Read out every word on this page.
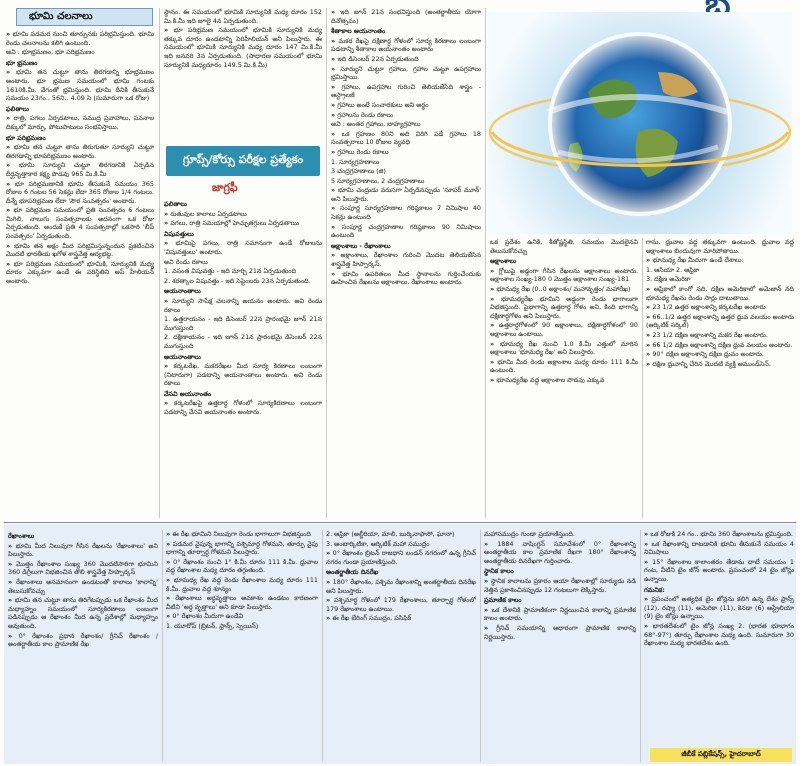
భూమి చలనాలు

» భూమి పడమర నుంచి తూర్పునకు పరిభ్రమిస్తుంది. భూమి రెండు చలనాలను కలిగి ఉంటుంది.

అవి : భూభ్రమణం, భూ పరిభ్రమణం

భూ భ్రమణం

» భూమి తన చుట్టూ తాను తిరగడాన్ని భూభ్రమణం అంటారు. భూ భ్రమణ సమయంలో భూమి గంటకు 1610కి.మీ. వేగంతో భ్రమిస్తుంది. భూమి దీనికి తీసుకునే సమయం 23గం.. 56ని.. 4.09 సె (సుమారుగా ఒక రోజు)

ఫలితాలు

» రాత్రి, పగలు ఏర్పడటాలు, సముద్ర ప్రవాహాలు, పవనాల దిక్కులో మార్పు, పోటుపాటులు సంభవిస్తాయి.

భూ పరిభ్రమణం

» భూమి తన చుట్టూ తాను తిరుగుతూ సూర్యుని చుట్టూ తిరగడాన్ని భూపరిభ్రమణం అంటారు.

» భూమి సూర్యుని చుట్టూ తిరగడానికి ఏర్పడిన దీర్ఘవృత్తాకార కక్ష్య పొడవు 965 మి.కి.మీ

» భూ పరిభ్రమణానికి భూమి తీసుకునే సమయం 365 రోజుల 6 గంటల 56 సెకన్లు లేదా 365 రోజుల 1/4 గంటలు. దీన్నే భూపరిభ్రమణ లేదా 'సౌర సంవత్సరం' అంటారు.

» భూ పరిభ్రమణ సమయంలో ప్రతి సంవత్సరం 6 గంటలు మిగిలి, నాలుగు సంవత్సరాలకు అదనంగా ఒక రోజు ఏర్పడుతుంది. అందుకే ప్రతి 4 సంవత్సరాల్లో ఒకసారి 'లీప్ సంవత్సరం' ఏర్పడుతుంది.

» భూమి తన అక్షం మీద పరిభ్రమిస్తున్నందున ప్రకటించిన మొదటి భారతీయ ఖగోళ శాస్త్రవేత్త ఆర్యభట్ట.

» భూ పరిభ్రమణ సమయంలో భూమికి, సూర్యునికి మధ్య దూరం ఎక్కువగా ఉండే ఈ పరిస్థితిని అప్ హీలియన్ అంటారు.

స్థానం. ఈ సమయంలో భూమికి సూర్యునికి మధ్య దూరం 152 మి.కి.మీ ఇది జూలై 4న ఏర్పడుతుంది.

» భూ పరిభ్రమణ సమయంలో భూమికి సూర్యునికి మధ్య తక్కువ దూరం ఉండటాన్ని పెరిహీలియన్ అని పిలుస్తారు. ఈ సమయంలో భూమికి సూర్యునికి మధ్య దూరం 147 మి.కి.మీ ఇది జనవరి 3న ఏర్పడుతుంది. (సాధారణ సమయంలో భూమి సూర్యునికి మధ్యదూరం 149.5 మి.కి.మీ)

ఫలితాలు

» రుతువుల కాలాలు ఏర్పడటాలు

» పగలు, రాత్రి సమయాల్లో హెచ్చుతగ్గులు ఏర్పడతాయి

విషువత్తులు

» భూమిపై పగలు, రాత్రి సమానంగా ఉండే రోజులను 'విషువత్తులు' అంటారు.

అవి రెండు రకాలు

1. వసంత విషువత్తు - ఇది మార్చి 21న ఏర్పడుతుంది

2. శరత్కాల విషువత్తు - ఇది సెప్టెంబరు 23న ఏర్పడుతుంది.

అయనాంతాలు

» సూర్యుని సాపేక్ష చలనాన్ని అయనం అంటారు. అవి రెండు రకాలు

1. ఉత్తరాయనం - ఇది డిసెంబర్ 22న ప్రారంభమై జూన్ 21న ముగుస్తుంది

2. దక్షిణాయనం - ఇది జూన్ 21న ప్రారంభమై డిసెంబర్ 22న ముగుస్తుంది

అయనాంతాలు

» కర్కటరేఖ, మకరరేఖల మీద సూర్య కిరణాలు లంబంగా (నిటారుగా) పడటాన్ని అయనాంతాలు అంటారు. అవి రెండు రకాలు

వేసవి అయనాంతం

» కర్కటరేఖపై ఉత్తరార్ధ గోళంలో సూర్యకిరణాలు లంబంగా పడటాన్ని వేసవి అయనాంతం అంటారు.

గ్రూప్స్/కోర్సు పరీక్షల ప్రత్యేకం
జాగ్రఫీ

» ఇది జూన్ 21న సంభవిస్తుంది (అంతర్జాతీయ యోగా దినోత్సవం)

శీతాకాల అయనాంతం

» మకర రేఖపై దక్షిణార్ధ గోళంలో సూర్య కిరణాలు లంబంగా పడటాన్ని శీతాకాల అయనాంతం అంటారు

» ఇది డిసెంబర్ 22న ఏర్పడుతుంది

» సూర్యుని చుట్టూ గ్రహాలు, గ్రహాల చుట్టూ ఉపగ్రహాలు భ్రమిస్తాయి.

» గ్రహాలు, ఉపగ్రహాల గురించి తెలియజేసేది శాస్త్రం - ఆస్ట్రాలజీ

» గ్రహాలు అంటే సంచారకులు అని అర్థం

» గ్రహాలను రెండు రకాలు

అవి : అంతర గ్రహాలు, బాహ్యగ్రహాలు

» ఒక గ్రహణం 80ని అది విరిగి పడే గ్రహాలు 18 సంవత్సరాలు 10 రోజుల వ్యవధి

» గ్రహాలు రెండు రకాలు

1. సూర్యగ్రహణాలు

3 చంద్రగ్రహణాలు (జి)

5 సూర్యగ్రహణాలు, 2 చంద్రగ్రహణాలు

» భూమి చంద్రుడు వరుసగా ఏర్పడినప్పుడు 'సూపర్ మూన్' అని పిలుస్తారు.

» సంపూర్ణ సూర్యగ్రహణాల గరిష్ఠకాలం 7 నిమిషాల 40 సెకన్లు ఉంటుంది

» సంపూర్ణ చంద్రగ్రహణాల గరిష్ఠకాలం 90 నిమిషాలు ఉంటుంది

అక్షాంశాలు - రేఖాంశాలు

» అక్షాంశాలు, రేఖాంశాల గురించి మొదట తెలియజేసిన శాస్త్రవేత్త హిప్పార్కస్.

» భూమి ఉపరితలం మీద స్థానాలను గుర్తించేందుకు ఊహించిన రేఖలను అక్షాంశాలు, రేఖాంశాలు అంటారు.

ఒక ప్రదేశం ఉనికి, శీతోష్ణస్థితి, సమయం మొదలైనవి తెలుసుకోవచ్చు

అక్షాంశాలు

» గ్లోబుపై అడ్డంగా గీసిన రేఖలను అక్షాంశాలు అంటారు. అక్షాంశాల సంఖ్య-180 0 మొత్తం అక్షాంశాల సంఖ్య-181

» భూమధ్య రేఖ (0..0 అక్షాంశం/ మహావృత్తం/ మహారేఖ)

» భూమధ్యరేఖ భూమిని అడ్డంగా రెండు భాగాలుగా విభజిస్తుంది. పైభాగాన్ని ఉత్తరార్ధ గోళం అని, కింది భాగాన్ని దక్షిణార్ధగోళం అని పిలుస్తారు.

» ఉత్తరార్ధగోళంలో 90 అక్షాంశాలు, దక్షిణార్ధగోళంలో 90 అక్షాంశాలు ఉంటాయి.

» భూమధ్య రేఖ నుంచి 1.0 కి.మీ ఎత్తులో మారిన అక్షాంశాలు 'భూమధ్య రేఖ' అని పిలుస్తారు.

» భూమి మీద రెండు అక్షాంశాల మధ్య దూరం 111 కి.మీ ఉంటుంది.

» భూమధ్యరేఖ వద్ద అక్షాంశాల పొడవు ఎక్కువ

గాను, ధ్రువాల వద్ద తక్కువగా ఉంటుంది. ధ్రువాల వద్ద అక్షాంశాలు బిందువుగా మారిపోతాయి.

» భూమధ్య రేఖ మీదుగా ఉండే దేశాలు:

1. ఆసియా 2. ఆఫ్రికా

3. దక్షిణ అమెరికా

» ఆఫ్రికాలో కాంగో నది, దక్షిణ అమెరికాలో అమెజాన్ నది భూమధ్య రేఖను రెండు సార్లు దాటుతాయి.

» 23 1/2 ఉత్తర అక్షాంశాన్ని కర్కటరేఖ అంటారు

» 66..1/2 ఉత్తర అక్షాంశాన్ని ఉత్తర ధ్రువ వలయం అంటారు (ఆర్కిటిక్ సర్కిల్)

» 23 1/2 దక్షిణ అక్షాంశాన్ని మకర రేఖ అంటారు.

» 66 1/2 దక్షిణ అక్షాంశాన్ని దక్షిణ ధ్రువ వలయం అంటారు.

» 90° దక్షిణ అక్షాంశాన్ని దక్షిణ ధ్రువం అంటారు.

» దక్షిణ ధ్రువాన్ని చేరిన మొదటి వ్యక్తి అముండ్‌సెన్.

రేఖాంశాలు

» భూమి మీద నిలువుగా గీసిన రేఖలను 'రేఖాంశాలు' అని పిలుస్తారు.

» మొత్తం రేఖాంశాల సంఖ్య 360 మొదటిసారిగా భూమిని 360 డిగ్రీలుగా విభజించిన తొలి శాస్త్రవేత్త హిప్పార్కస్

» రేఖాంశాలు అసమానంగా ఉండటంతో కాలాలు 'కాలాన్ని' తెలుసుకోవచ్చు

» భూమి తన చుట్టూ తాను తిరిగేటప్పుడు ఒక రేఖాంశం మీద మధ్యాహ్నం సమయంలో సూర్యకిరణాలు లంబంగా పడినప్పుడు ఆ రేఖాంశం మీద ఉన్న ప్రదేశాల్లో మధ్యాహ్నం అవుతుంది.

» 0° రేఖాంశం ప్రధాన రేఖాంశం/ గ్రీనిచ్ రేఖాంశం / అంతర్జాతీయ కాల ప్రామాణిక రేఖ

» ఈ రేఖ భూమిని నిలువుగా రెండు భాగాలుగా విభజిస్తుంది

» పడమర వైపున్న భాగాన్ని పశ్చిమార్ధ గోళమని, తూర్పు వైపు భాగాన్ని తూర్పార్ధ గోళమని పిలుస్తారు.

» 0° రేఖాంశం నుంచి 1° కి.మీ దూరం 111 కి.మీ. ధ్రువాల వద్ద రేఖాంశాల మధ్య దూరం తగ్గుతుంది.

» భూమధ్య రేఖ వద్ద రెండు రేఖాంశాల మధ్య దూరం 111 కి.మీ. ధ్రువాల వద్ద శూన్యం

» రేఖాంశాలు అర్ధవృత్తాలు అవకాశం ఉండటం కారణంగా వీటిని 'అర్ధ వృత్తాలు' అని కూడా పిలుస్తారు.

» 0° రేఖాంశం మీదుగా ఉండేవి

1. యూరోప్ (బ్రిటన్, ఫ్రాన్స్, స్పెయిన్)

2. ఆఫ్రికా (అల్జీరియా, మాలి, బుర్కినాఫాసో, ఘానా)

3. అంటార్కిటికా, ఆర్కిటిక్ మహా సముద్రం

» 0° రేఖాంశం బ్రిటన్ రాజధాని లండన్ నగరంలో ఉన్న గ్రీనిచ్ నగరం గుండా ప్రయాణిస్తుంది.

అంతర్జాతీయ దినరేఖ

» 180° రేఖాంశం, పశ్చిమ రేఖాంశాన్ని అంతర్జాతీయ దినరేఖ అని పిలుస్తారు.

» పశ్చిమార్ధ గోళంలో 179 రేఖాంశాలు, తూర్పార్ధ గోళంలో 179 రేఖాంశాలు ఉంటాయి.

» ఈ రేఖ బేరింగ్ సముద్రం, పసిఫిక్

మహాసముద్రం గుండా ప్రయాణిస్తుంది.

» 1884 వాషింగ్టన్ సమావేశంలో 0° రేఖాంశాన్ని అంతర్జాతీయ కాల ప్రమాణిక రేఖగా 180° రేఖాంశాన్ని అంతర్జాతీయ దినరేఖగా గుర్తించారు.

స్థానిక కాలం

» స్థానిక కాలాలను ప్రకారం ఆయా రేఖాంశాల్లో సూర్యుడు నడి నెత్తిన ప్రకాశించినప్పుడు 12 గంటలుగా లెక్కిస్తారు.

ప్రమాణిక కాలం

» ఒక దేశానికి ప్రామాణికంగా నిర్ణయించిన కాలాన్ని ప్రమాణిక కాలం అంటారు.

» గ్రీనిచ్ సమయాన్ని ఆధారంగా ప్రామాణిక కాలాన్ని నిర్ణయిస్తారు.

» ఒక రోజుకి 24 గం.. భూమి 360 రేఖాంశాలను భ్రమిస్తుంది.

» ఒక రేఖాంశాన్ని దాటడానికి భూమి తీసుకునే సమయం 4 నిమిషాలు

» 15° రేఖాంశాల కాలాంతరం తేడాను దాటే సమయం 1 గంట, వీటిని టైం జోన్ అంటారు. ప్రపంచంలో 24 టైం జోన్లు ఉన్నాయి.

గమనిక:

» ప్రపంచంలో అత్యధిక టైం జోన్లను కలిగి ఉన్న దేశం ఫ్రాన్స్ (12), రష్యా (11), అమెరికా (11), కెనడా (6) ఆస్ట్రేలియా (9) టైం జోన్లు ఉన్నాయి.

» భారతదేశంలో టైం జోన్ల సంఖ్య 2. (భారత భూభాగం 68°-97°) తూర్పు రేఖాంశాల మధ్య ఉంది. సుమారుగా 30 రేఖాంశాల మధ్య భారతదేశం ఉంది.

జీబీకే పబ్లికేషన్స్, హైదరాబాద్
